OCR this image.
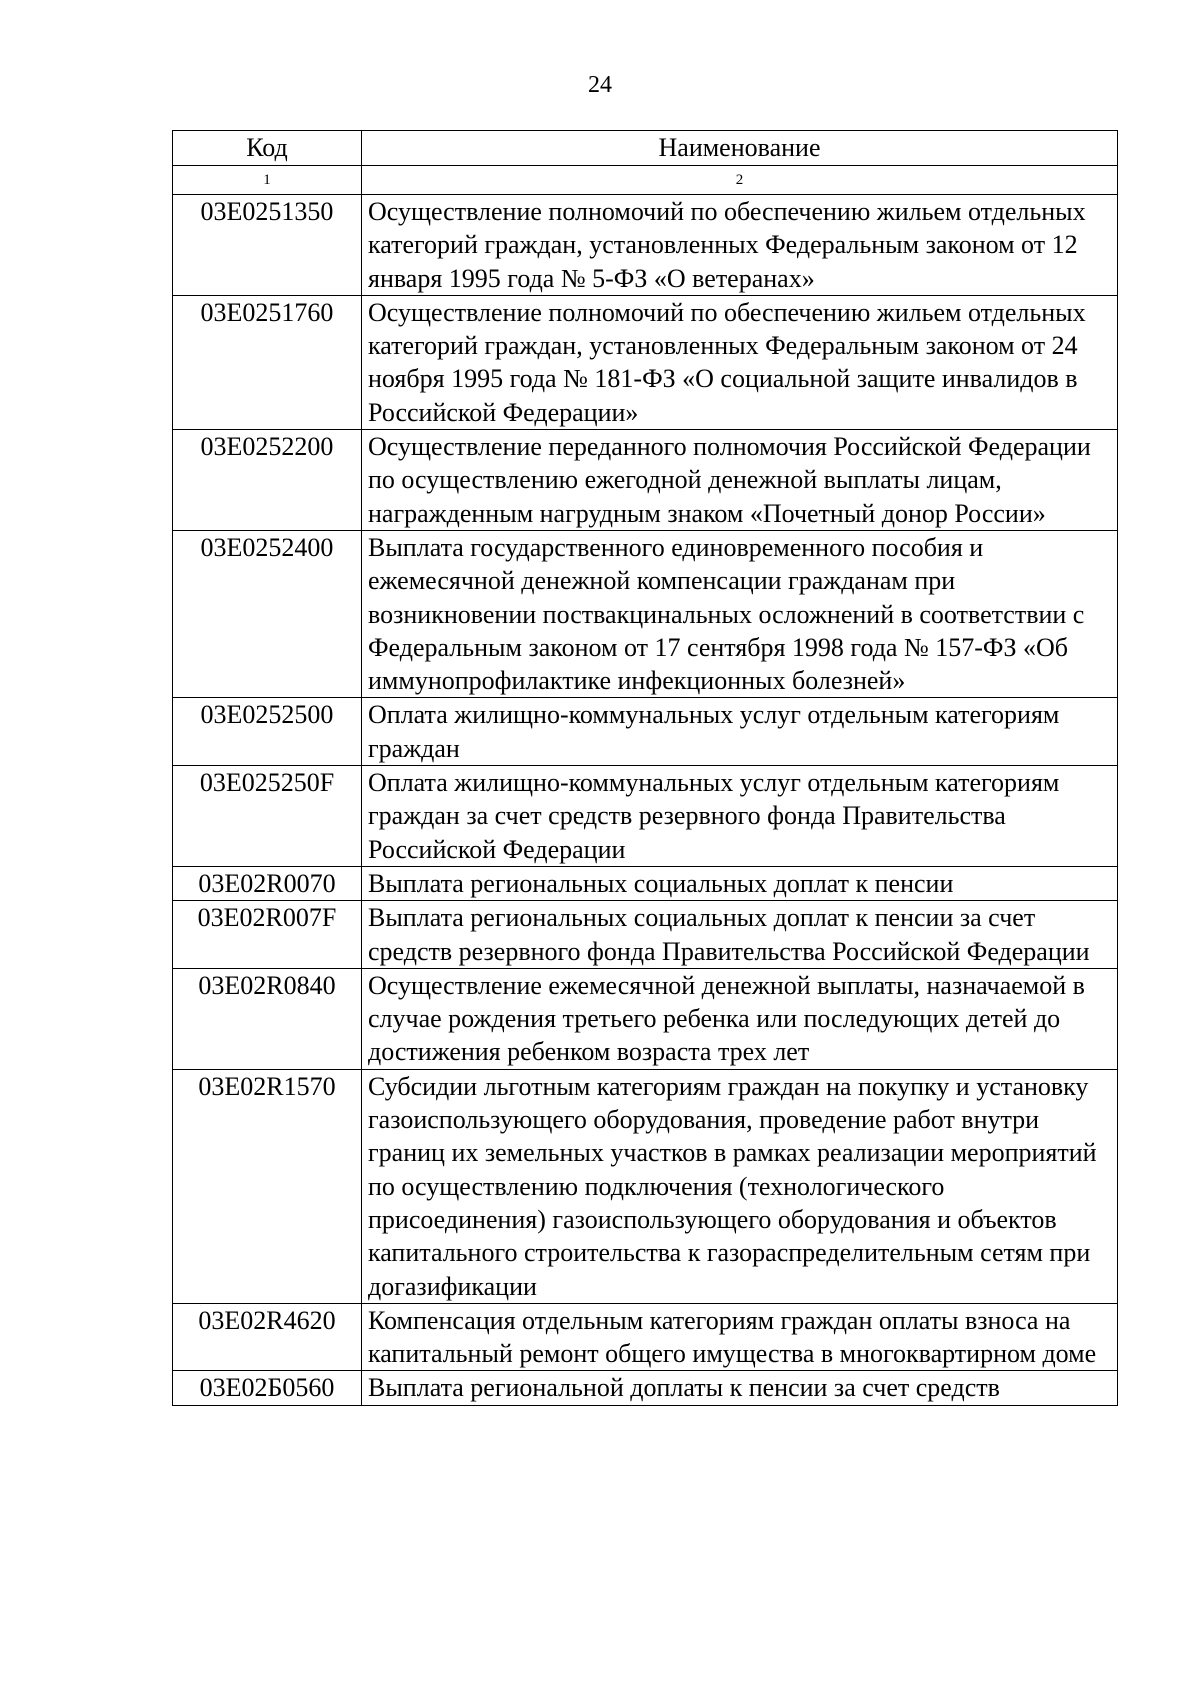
24
Код	Наименование
1	2
03Е0251350	Осуществление полномочий по обеспечению жильем отдельных категорий граждан, установленных Федеральным законом от 12 января 1995 года № 5-ФЗ «О ветеранах»
03Е0251760	Осуществление полномочий по обеспечению жильем отдельных категорий граждан, установленных Федеральным законом от 24 ноября 1995 года № 181-ФЗ «О социальной защите инвалидов в Российской Федерации»
03Е0252200	Осуществление переданного полномочия Российской Федерации по осуществлению ежегодной денежной выплаты лицам, награжденным нагрудным знаком «Почетный донор России»
03Е0252400	Выплата государственного единовременного пособия и ежемесячной денежной компенсации гражданам при возникновении поствакцинальных осложнений в соответствии с Федеральным законом от 17 сентября 1998 года № 157-ФЗ «Об иммунопрофилактике инфекционных болезней»
03Е0252500	Оплата жилищно-коммунальных услуг отдельным категориям граждан
03Е025250F	Оплата жилищно-коммунальных услуг отдельным категориям граждан за счет средств резервного фонда Правительства Российской Федерации
03Е02R0070	Выплата региональных социальных доплат к пенсии
03Е02R007F	Выплата региональных социальных доплат к пенсии за счет средств резервного фонда Правительства Российской Федерации
03Е02R0840	Осуществление ежемесячной денежной выплаты, назначаемой в случае рождения третьего ребенка или последующих детей до достижения ребенком возраста трех лет
03Е02R1570	Субсидии льготным категориям граждан на покупку и установку газоиспользующего оборудования, проведение работ внутри границ их земельных участков в рамках реализации мероприятий по осуществлению подключения (технологического присоединения) газоиспользующего оборудования и объектов капитального строительства к газораспределительным сетям при догазификации
03Е02R4620	Компенсация отдельным категориям граждан оплаты взноса на капитальный ремонт общего имущества в многоквартирном доме
03Е02Б0560	Выплата региональной доплаты к пенсии за счет средств
